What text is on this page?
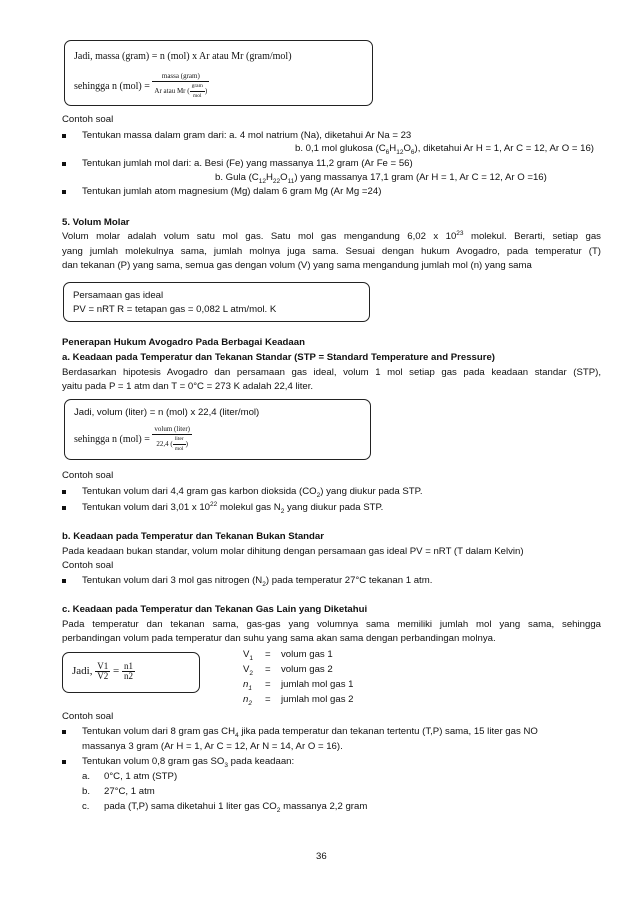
Jadi, massa (gram) = n (mol) x Ar atau Mr (gram/mol)
sehingga n $(mol) = \frac{\text{massa (gram)}}{Ar atau Mr ( \frac{\text{gram}}{\text{mol}} )}$
Contoh soal
Tentukan massa dalam gram dari: a. 4 mol natrium (Na), diketahui Ar Na = 23
b. 0,1 mol glukosa $(C_6H_{12}O_6)$, diketahui Ar H = 1, Ar C = 12, Ar O = 16)
Tentukan jumlah mol dari: a. Besi (Fe) yang massanya 11,2 gram (Ar Fe = 56)
b. Gula $(C_{12}H_{22}O_{11})$ yang massanya 17,1 gram (Ar H = 1, Ar C = 12, Ar O =16)
Tentukan jumlah atom magnesium (Mg) dalam 6 gram Mg (Ar Mg =24)
5. Volum Molar
Volum molar adalah volum satu mol gas. Satu mol gas mengandung 6,02 x $10^{23}$ molekul. Berarti, setiap gas
yang jumlah molekulnya sama, jumlah molnya juga sama. Sesuai dengan hukum Avogadro, pada temperatur (T)
dan tekanan (P) yang sama, semua gas dengan volum (V) yang sama mengandung jumlah mol (n) yang sama
Persamaan gas ideal
PV = nRT R = tetapan gas = 0,082 L atm/mol. K
Penerapan Hukum Avogadro Pada Berbagai Keadaan
a. Keadaan pada Temperatur dan Tekanan Standar (STP = Standard Temperature and Pressure)
Berdasarkan hipotesis Avogadro dan persamaan gas ideal, volum 1 mol setiap gas pada keadaan standar (STP),
yaitu pada P = 1 atm dan T = 0°C = 273 K adalah 22,4 liter.
Jadi, volum (liter) = n (mol) x 22,4 (liter/mol)
sehingga n $(mol) = \frac{\text{volum (liter)}}{22,4 ( \frac{\text{liter}}{\text{mol}} )}$
Contoh soal
Tentukan volum dari 4,4 gram gas karbon dioksida $(CO_2)$ yang diukur pada STP.
Tentukan volum dari 3,01 x $10^{22}$ molekul gas $N_2$ yang diukur pada STP.
b. Keadaan pada Temperatur dan Tekanan Bukan Standar
Pada keadaan bukan standar, volum molar dihitung dengan persamaan gas ideal PV = nRT (T dalam Kelvin)
Contoh soal
Tentukan volum dari 3 mol gas nitrogen $(N_2)$ pada temperatur 27°C tekanan 1 atm.
c. Keadaan pada Temperatur dan Tekanan Gas Lain yang Diketahui
Pada temperatur dan tekanan sama, gas-gas yang volumnya sama memiliki jumlah mol yang sama, sehingga
perbandingan volum pada temperatur dan suhu yang sama akan sama dengan perbandingan molnya.
Jadi, $\frac{V1}{V2} = \frac{n1}{n2}$
$V_1$ = volum gas 1
$V_2$ = volum gas 2
$n_1$ = jumlah mol gas 1
$n_2$ = jumlah mol gas 2
Contoh soal
Tentukan volum dari 8 gram gas $CH_4$ jika pada temperatur dan tekanan tertentu (T,P) sama, 15 liter gas NO
massanya 3 gram (Ar H = 1, Ar C = 12, Ar N = 14, Ar O = 16).
Tentukan volum 0,8 gram gas $SO_3$ pada keadaan:
a. 0°C, 1 atm (STP)
b. 27°C, 1 atm
c. pada (T,P) sama diketahui 1 liter gas $CO_2$ massanya 2,2 gram
36
